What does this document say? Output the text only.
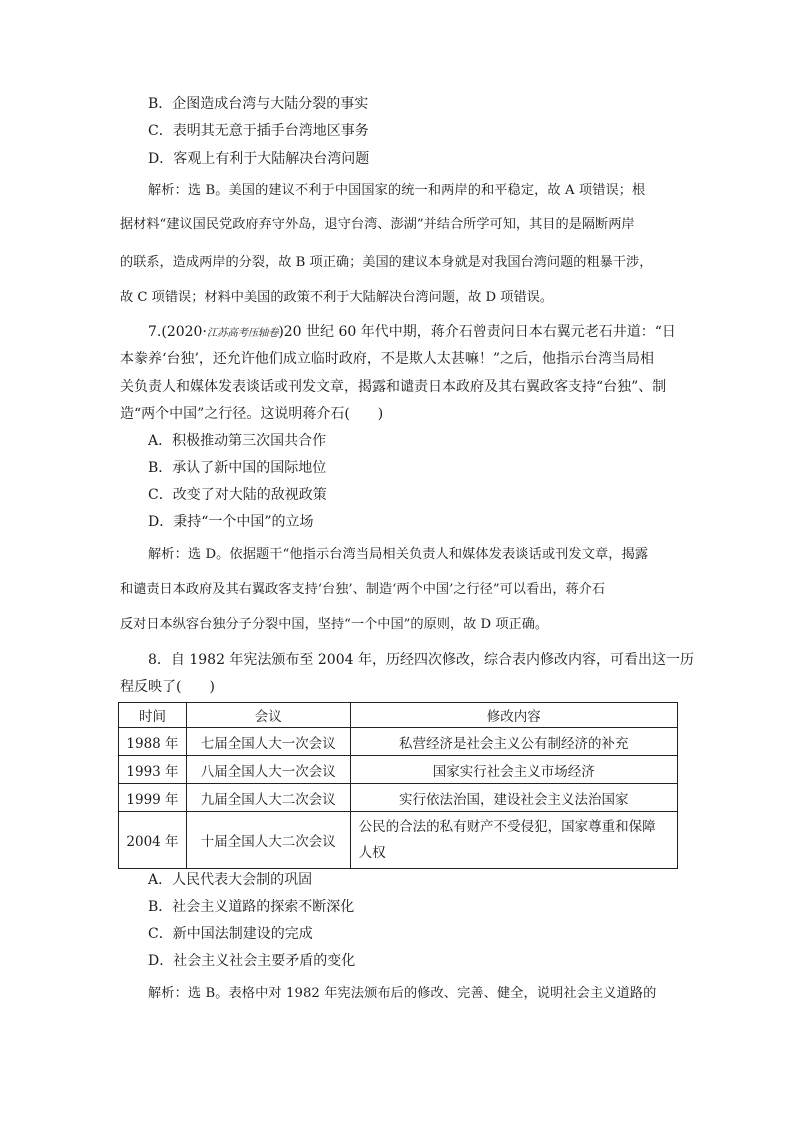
B．企图造成台湾与大陆分裂的事实
C．表明其无意于插手台湾地区事务
D．客观上有利于大陆解决台湾问题
解析：选 B。美国的建议不利于中国国家的统一和两岸的和平稳定，故 A 项错误；根
据材料“建议国民党政府弃守外岛，退守台湾、澎湖”并结合所学可知，其目的是隔断两岸
的联系，造成两岸的分裂，故 B 项正确；美国的建议本身就是对我国台湾问题的粗暴干涉，
故 C 项错误；材料中美国的政策不利于大陆解决台湾问题，故 D 项错误。
7.(2020·江苏高考压轴卷)20 世纪 60 年代中期，蒋介石曾责问日本右翼元老石井道：“日
本豢养‘台独’，还允许他们成立临时政府，不是欺人太甚嘛！”之后，他指示台湾当局相
关负责人和媒体发表谈话或刊发文章，揭露和谴责日本政府及其右翼政客支持“台独”、制
造“两个中国”之行径。这说明蒋介石(　　)
A．积极推动第三次国共合作
B．承认了新中国的国际地位
C．改变了对大陆的敌视政策
D．秉持“一个中国”的立场
解析：选 D。依据题干“他指示台湾当局相关负责人和媒体发表谈话或刊发文章，揭露
和谴责日本政府及其右翼政客支持‘台独’、制造‘两个中国’之行径”可以看出，蒋介石
反对日本纵容台独分子分裂中国，坚持“一个中国”的原则，故 D 项正确。
8．自 1982 年宪法颁布至 2004 年，历经四次修改，综合表内修改内容，可看出这一历
程反映了(　　)
时间	会议	修改内容
1988 年	七届全国人大一次会议	私营经济是社会主义公有制经济的补充
1993 年	八届全国人大一次会议	国家实行社会主义市场经济
1999 年	九届全国人大二次会议	实行依法治国，建设社会主义法治国家
2004 年	十届全国人大二次会议	公民的合法的私有财产不受侵犯，国家尊重和保障人权
A．人民代表大会制的巩固
B．社会主义道路的探索不断深化
C．新中国法制建设的完成
D．社会主义社会主要矛盾的变化
解析：选 B。表格中对 1982 年宪法颁布后的修改、完善、健全，说明社会主义道路的
